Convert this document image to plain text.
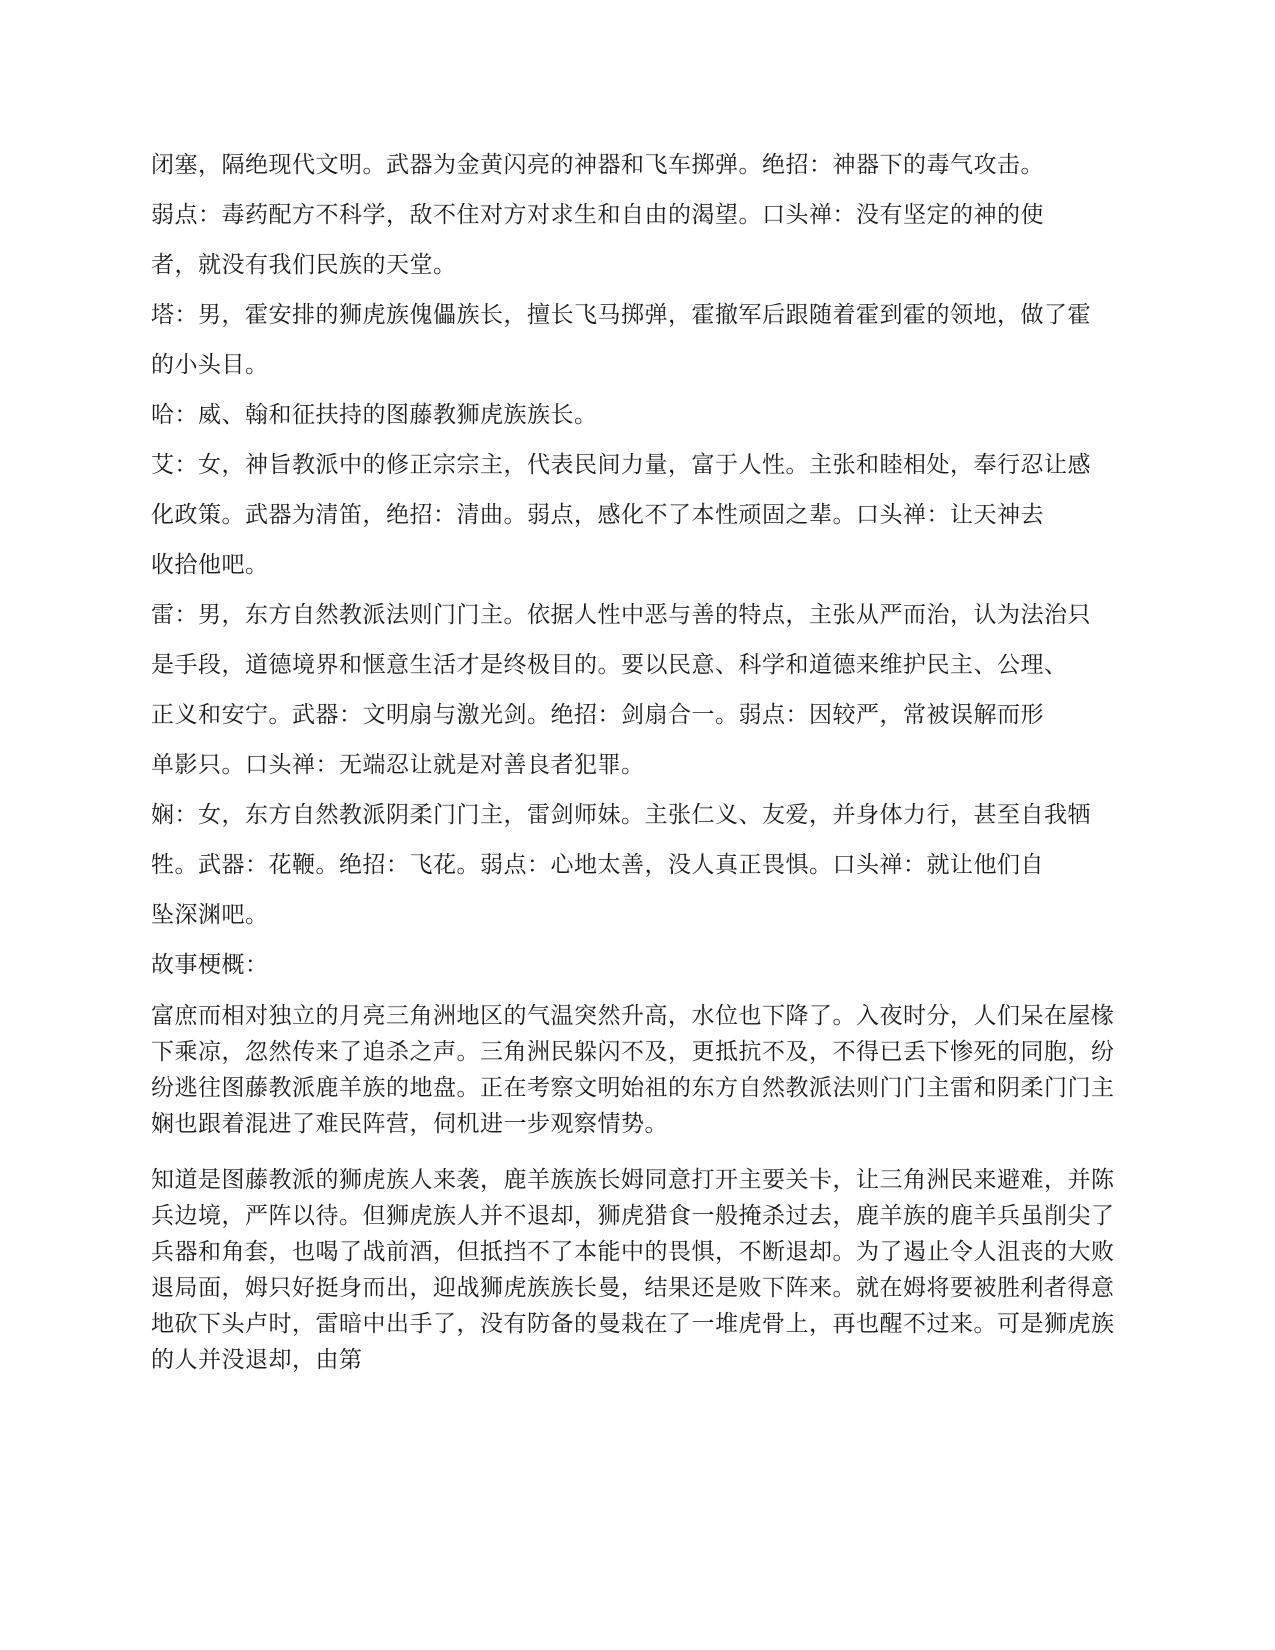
闭塞，隔绝现代文明。武器为金黄闪亮的神器和飞车掷弹。绝招：神器下的毒气攻击。

弱点：毒药配方不科学，敌不住对方对求生和自由的渴望。口头禅：没有坚定的神的使

者，就没有我们民族的天堂。

塔：男，霍安排的狮虎族傀儡族长，擅长飞马掷弹，霍撤军后跟随着霍到霍的领地，做了霍

的小头目。

哈：威、翰和征扶持的图藤教狮虎族族长。

艾：女，神旨教派中的修正宗宗主，代表民间力量，富于人性。主张和睦相处，奉行忍让感

化政策。武器为清笛，绝招：清曲。弱点，感化不了本性顽固之辈。口头禅：让天神去

收拾他吧。

雷：男，东方自然教派法则门门主。依据人性中恶与善的特点，主张从严而治，认为法治只

是手段，道德境界和惬意生活才是终极目的。要以民意、科学和道德来维护民主、公理、

正义和安宁。武器：文明扇与激光剑。绝招：剑扇合一。弱点：因较严，常被误解而形

单影只。口头禅：无端忍让就是对善良者犯罪。

娴：女，东方自然教派阴柔门门主，雷剑师妹。主张仁义、友爱，并身体力行，甚至自我牺

牲。武器：花鞭。绝招：飞花。弱点：心地太善，没人真正畏惧。口头禅：就让他们自

坠深渊吧。

故事梗概：

富庶而相对独立的月亮三角洲地区的气温突然升高，水位也下降了。入夜时分，人们呆在屋椽下乘凉，忽然传来了追杀之声。三角洲民躲闪不及，更抵抗不及，不得已丢下惨死的同胞，纷纷逃往图藤教派鹿羊族的地盘。正在考察文明始祖的东方自然教派法则门门主雷和阴柔门门主娴也跟着混进了难民阵营，伺机进一步观察情势。

知道是图藤教派的狮虎族人来袭，鹿羊族族长姆同意打开主要关卡，让三角洲民来避难，并陈兵边境，严阵以待。但狮虎族人并不退却，狮虎猎食一般掩杀过去，鹿羊族的鹿羊兵虽削尖了兵器和角套，也喝了战前酒，但抵挡不了本能中的畏惧，不断退却。为了遏止令人沮丧的大败退局面，姆只好挺身而出，迎战狮虎族族长曼，结果还是败下阵来。就在姆将要被胜利者得意地砍下头卢时，雷暗中出手了，没有防备的曼栽在了一堆虎骨上，再也醒不过来。可是狮虎族的人并没退却，由第
